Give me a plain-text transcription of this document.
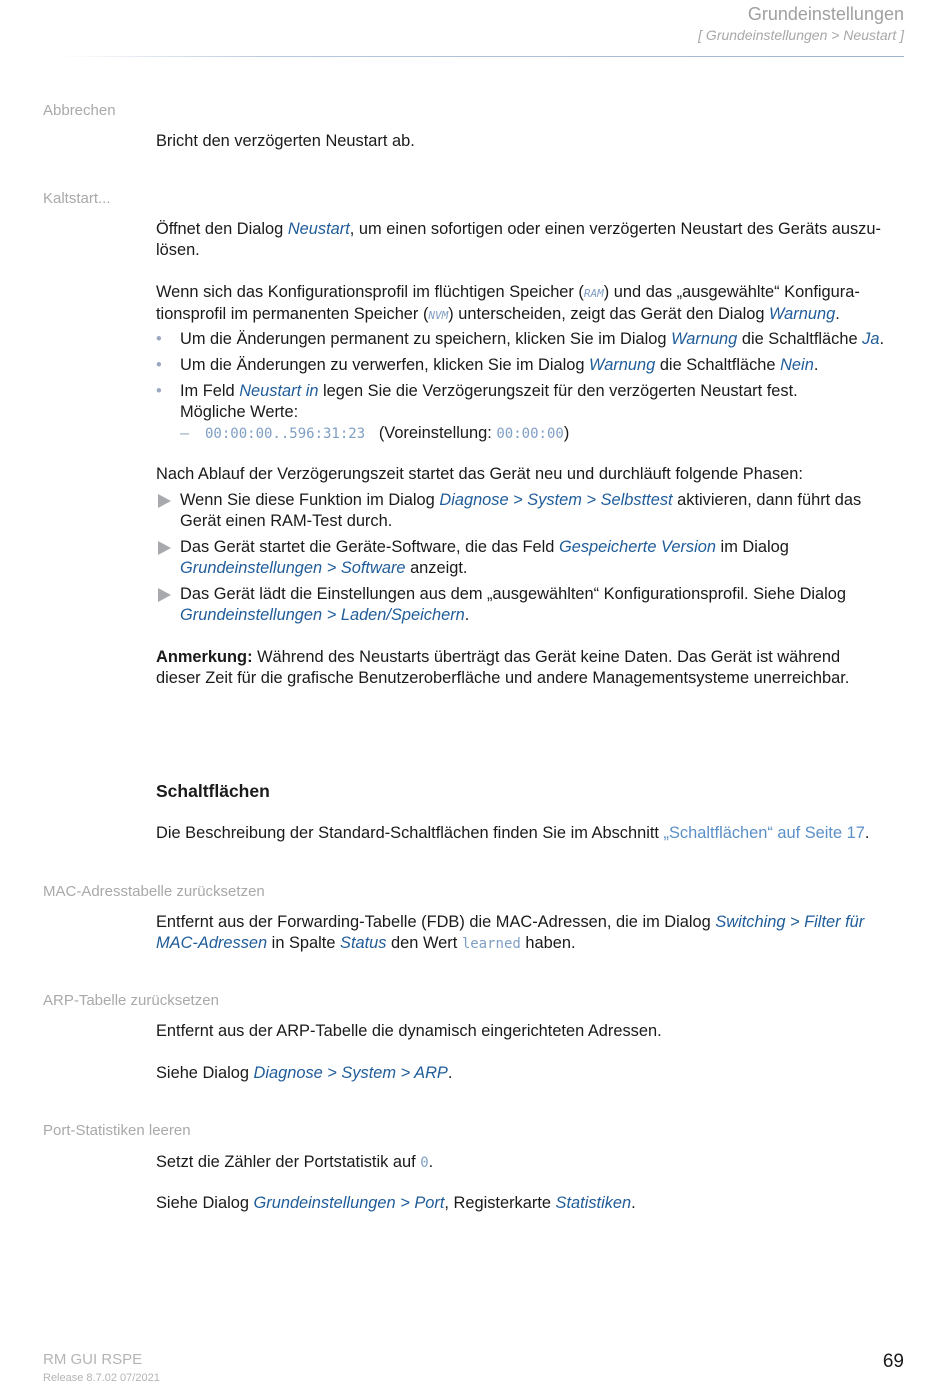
Grundeinstellungen
[ Grundeinstellungen > Neustart ]
Abbrechen

Bricht den verzögerten Neustart ab.

Kaltstart...

Öffnet den Dialog Neustart, um einen sofortigen oder einen verzögerten Neustart des Geräts auszu-
lösen.

Wenn sich das Konfigurationsprofil im flüchtigen Speicher (RAM) und das „ausgewählte“ Konfigura-
tionsprofil im permanenten Speicher (NVM) unterscheiden, zeigt das Gerät den Dialog Warnung.

• Um die Änderungen permanent zu speichern, klicken Sie im Dialog Warnung die Schaltfläche Ja.
• Um die Änderungen zu verwerfen, klicken Sie im Dialog Warnung die Schaltfläche Nein.
• Im Feld Neustart in legen Sie die Verzögerungszeit für den verzögerten Neustart fest.
Mögliche Werte:
– 00:00:00..596:31:23 (Voreinstellung: 00:00:00)

Nach Ablauf der Verzögerungszeit startet das Gerät neu und durchläuft folgende Phasen:

Wenn Sie diese Funktion im Dialog Diagnose > System > Selbsttest aktivieren, dann führt das
Gerät einen RAM-Test durch.
Das Gerät startet die Geräte-Software, die das Feld Gespeicherte Version im Dialog
Grundeinstellungen > Software anzeigt.
Das Gerät lädt die Einstellungen aus dem „ausgewählten“ Konfigurationsprofil. Siehe Dialog
Grundeinstellungen > Laden/Speichern.

Anmerkung: Während des Neustarts überträgt das Gerät keine Daten. Das Gerät ist während
dieser Zeit für die grafische Benutzeroberfläche und andere Managementsysteme unerreichbar.

Schaltflächen

Die Beschreibung der Standard-Schaltflächen finden Sie im Abschnitt „Schaltflächen“ auf Seite 17.

MAC-Adresstabelle zurücksetzen

Entfernt aus der Forwarding-Tabelle (FDB) die MAC-Adressen, die im Dialog Switching > Filter für
MAC-Adressen in Spalte Status den Wert learned haben.

ARP-Tabelle zurücksetzen

Entfernt aus der ARP-Tabelle die dynamisch eingerichteten Adressen.

Siehe Dialog Diagnose > System > ARP.

Port-Statistiken leeren

Setzt die Zähler der Portstatistik auf 0.

Siehe Dialog Grundeinstellungen > Port, Registerkarte Statistiken.

RM GUI RSPE
Release 8.7.02 07/2021
69
